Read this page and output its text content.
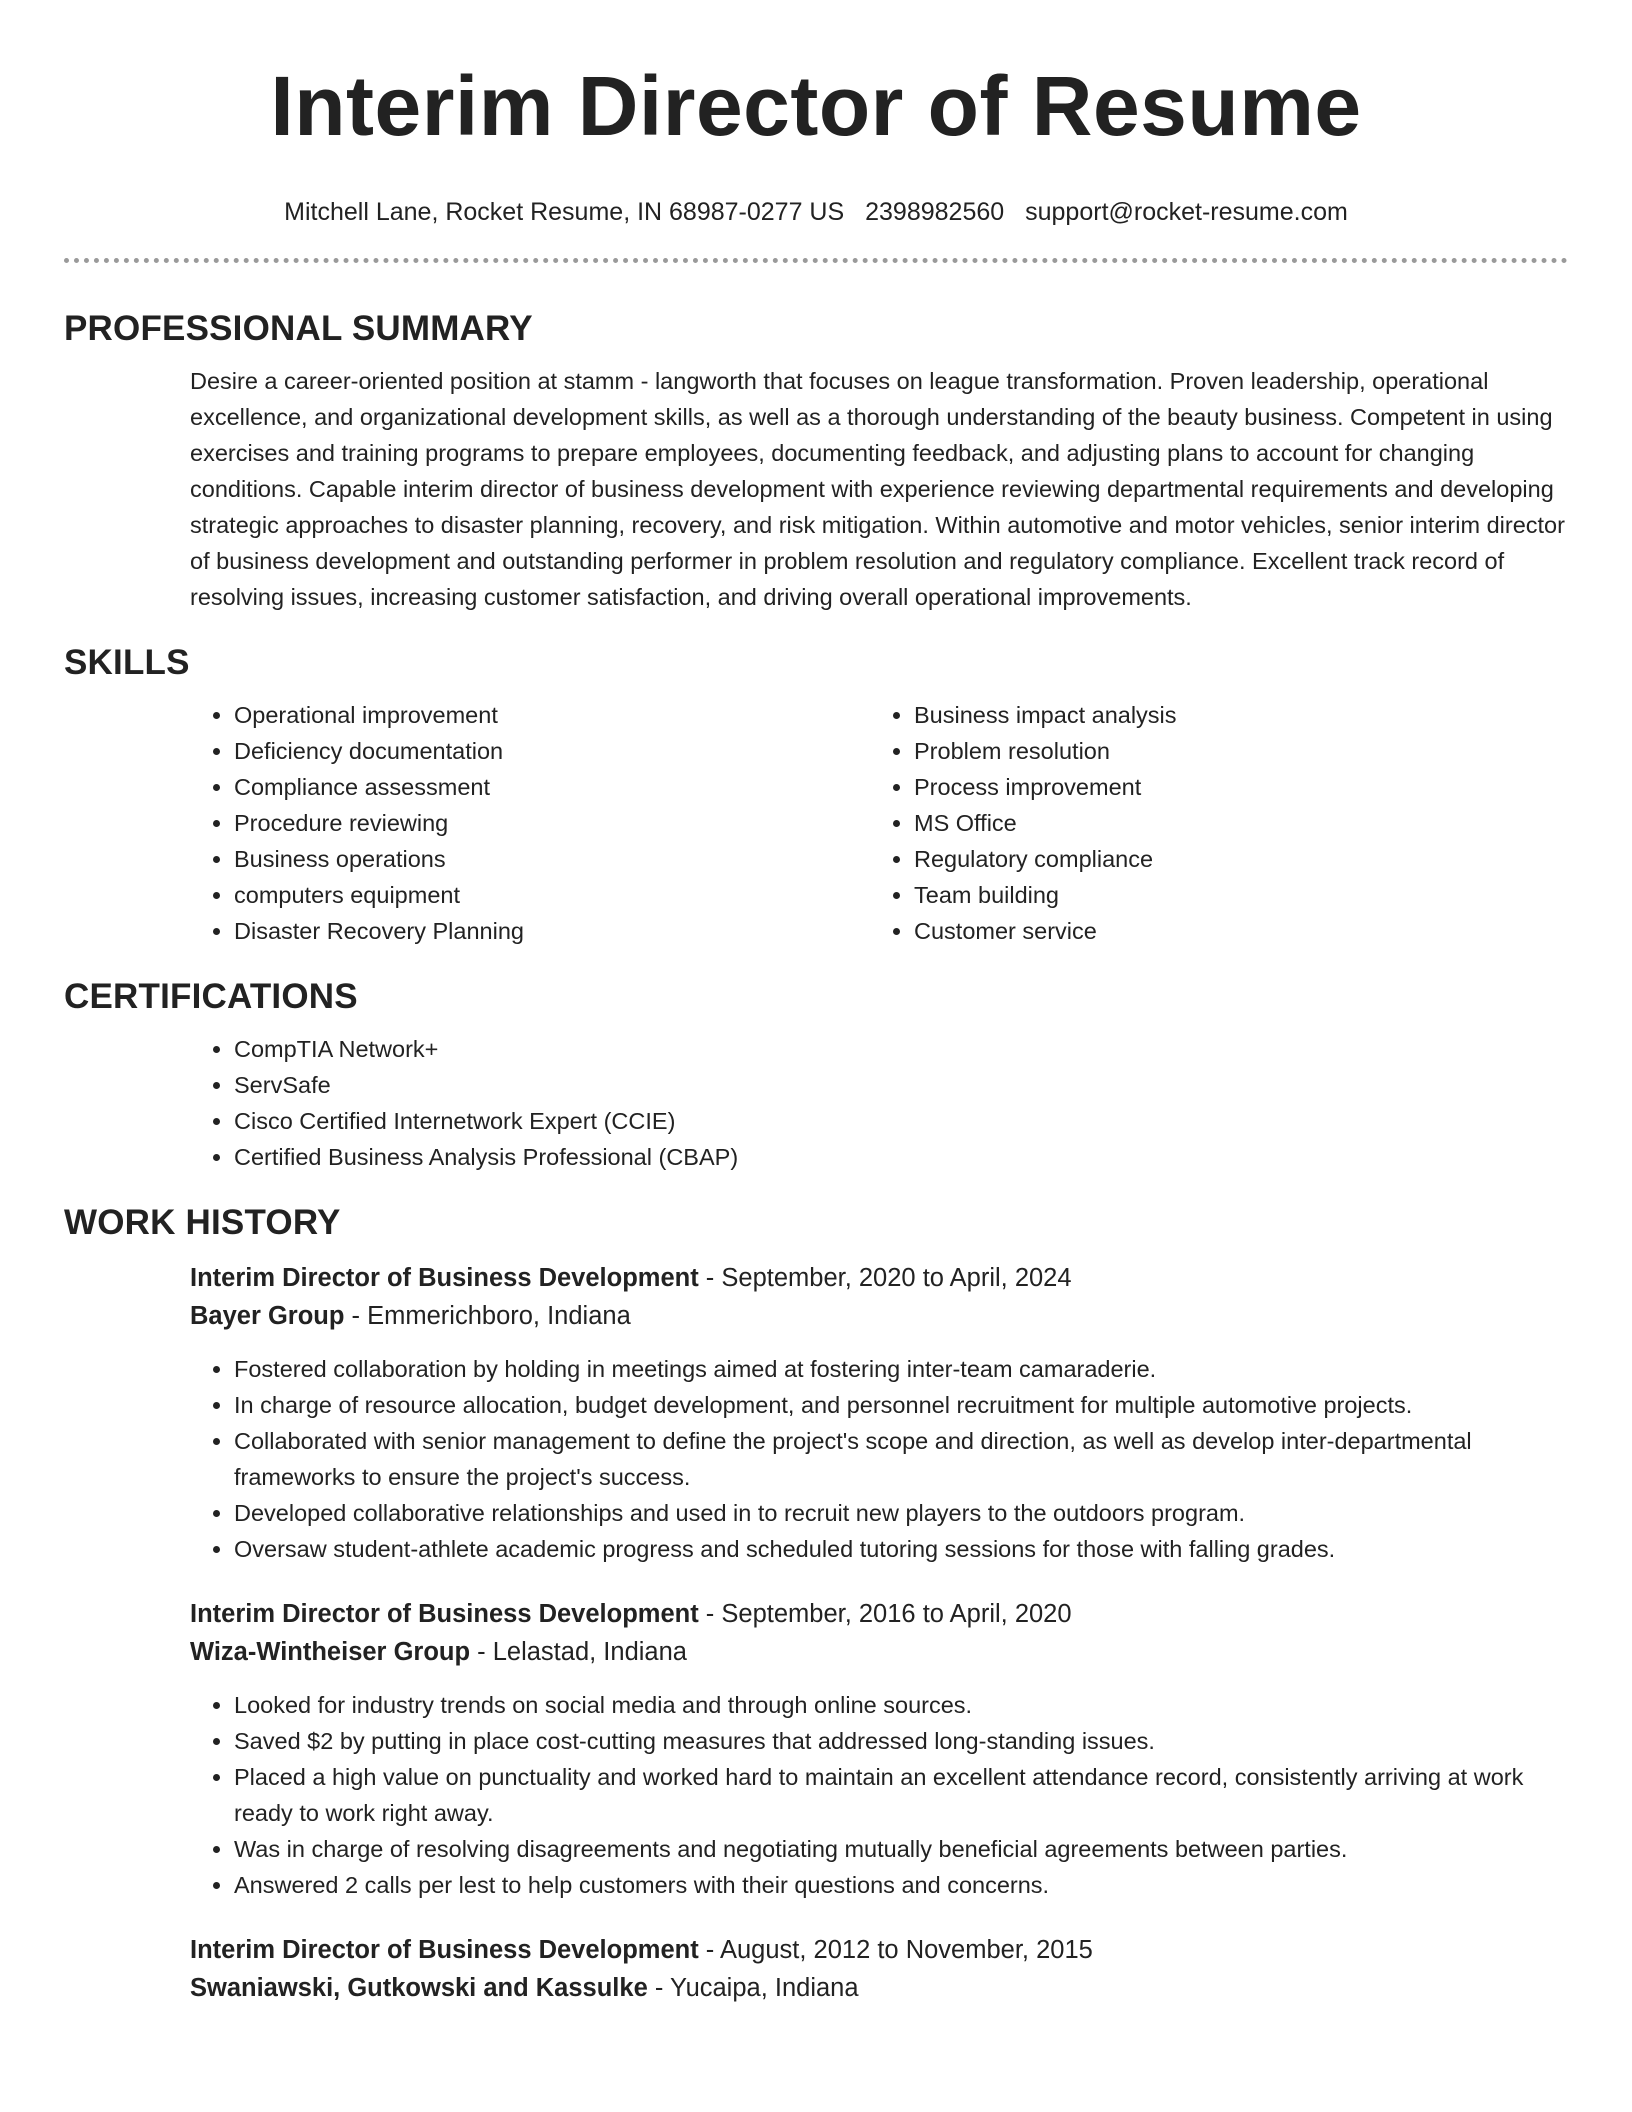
Interim Director of Resume
Mitchell Lane, Rocket Resume, IN 68987-0277 US 2398982560 support@rocket-resume.com
PROFESSIONAL SUMMARY

Desire a career-oriented position at stamm - langworth that focuses on league transformation. Proven leadership, operational excellence, and organizational development skills, as well as a thorough understanding of the beauty business. Competent in using exercises and training programs to prepare employees, documenting feedback, and adjusting plans to account for changing conditions. Capable interim director of business development with experience reviewing departmental requirements and developing strategic approaches to disaster planning, recovery, and risk mitigation. Within automotive and motor vehicles, senior interim director of business development and outstanding performer in problem resolution and regulatory compliance. Excellent track record of resolving issues, increasing customer satisfaction, and driving overall operational improvements.

SKILLS
• Operational improvement
• Deficiency documentation
• Compliance assessment
• Procedure reviewing
• Business operations
• computers equipment
• Disaster Recovery Planning
• Business impact analysis
• Problem resolution
• Process improvement
• MS Office
• Regulatory compliance
• Team building
• Customer service
CERTIFICATIONS
• CompTIA Network+
• ServSafe
• Cisco Certified Internetwork Expert (CCIE)
• Certified Business Analysis Professional (CBAP)
WORK HISTORY
Interim Director of Business Development - September, 2020 to April, 2024
Bayer Group - Emmerichboro, Indiana
• Fostered collaboration by holding in meetings aimed at fostering inter-team camaraderie.
• In charge of resource allocation, budget development, and personnel recruitment for multiple automotive projects.
• Collaborated with senior management to define the project's scope and direction, as well as develop inter-departmental frameworks to ensure the project's success.
• Developed collaborative relationships and used in to recruit new players to the outdoors program.
• Oversaw student-athlete academic progress and scheduled tutoring sessions for those with falling grades.
Interim Director of Business Development - September, 2016 to April, 2020
Wiza-Wintheiser Group - Lelastad, Indiana
• Looked for industry trends on social media and through online sources.
• Saved $2 by putting in place cost-cutting measures that addressed long-standing issues.
• Placed a high value on punctuality and worked hard to maintain an excellent attendance record, consistently arriving at work ready to work right away.
• Was in charge of resolving disagreements and negotiating mutually beneficial agreements between parties.
• Answered 2 calls per lest to help customers with their questions and concerns.
Interim Director of Business Development - August, 2012 to November, 2015
Swaniawski, Gutkowski and Kassulke - Yucaipa, Indiana
